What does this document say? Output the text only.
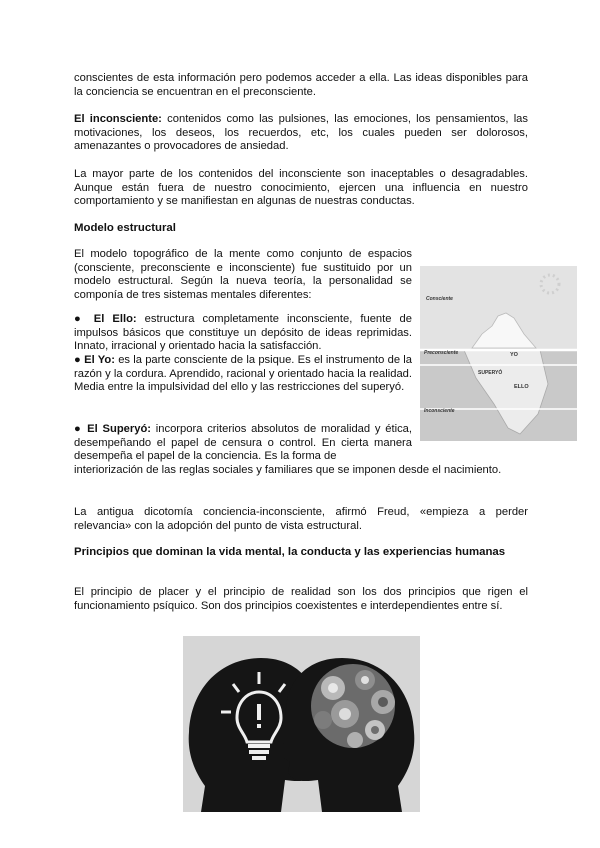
conscientes de esta información pero podemos acceder a ella. Las ideas disponibles para la conciencia se encuentran en el preconsciente.

El inconsciente: contenidos como las pulsiones, las emociones, los pensamientos, las motivaciones, los deseos, los recuerdos, etc, los cuales pueden ser dolorosos, amenazantes o provocadores de ansiedad.

La mayor parte de los contenidos del inconsciente son inaceptables o desagradables. Aunque están fuera de nuestro conocimiento, ejercen una influencia en nuestro comportamiento y se manifiestan en algunas de nuestras conductas.

Modelo estructural

El modelo topográfico de la mente como conjunto de espacios (consciente, preconsciente e inconsciente) fue sustituido por un modelo estructural. Según la nueva teoría, la personalidad se componía de tres sistemas mentales diferentes:

● El Ello: estructura completamente inconsciente, fuente de impulsos básicos que constituye un depósito de ideas reprimidas. Innato, irracional y orientado hacia la satisfacción.

● El Yo: es la parte consciente de la psique. Es el instrumento de la razón y la cordura. Aprendido, racional y orientado hacia la realidad. Media entre la impulsividad del ello y las restricciones del superyó.

● El Superyó: incorpora criterios absolutos de moralidad y ética, desempeñando el papel de censura o control. En cierta manera desempeña el papel de la conciencia. Es la forma de

interiorización de las reglas sociales y familiares que se imponen desde el nacimiento.

La antigua dicotomía conciencia-inconsciente, afirmó Freud, «empieza a perder relevancia» con la adopción del punto de vista estructural.

Principios que dominan la vida mental, la conducta y las experiencias humanas

El principio de placer y el principio de realidad son los dos principios que rigen el funcionamiento psíquico. Son dos principios coexistentes e interdependientes entre sí.

Consciente
Preconsciente	YO
SUPERYÓ
ELLO
Inconsciente
